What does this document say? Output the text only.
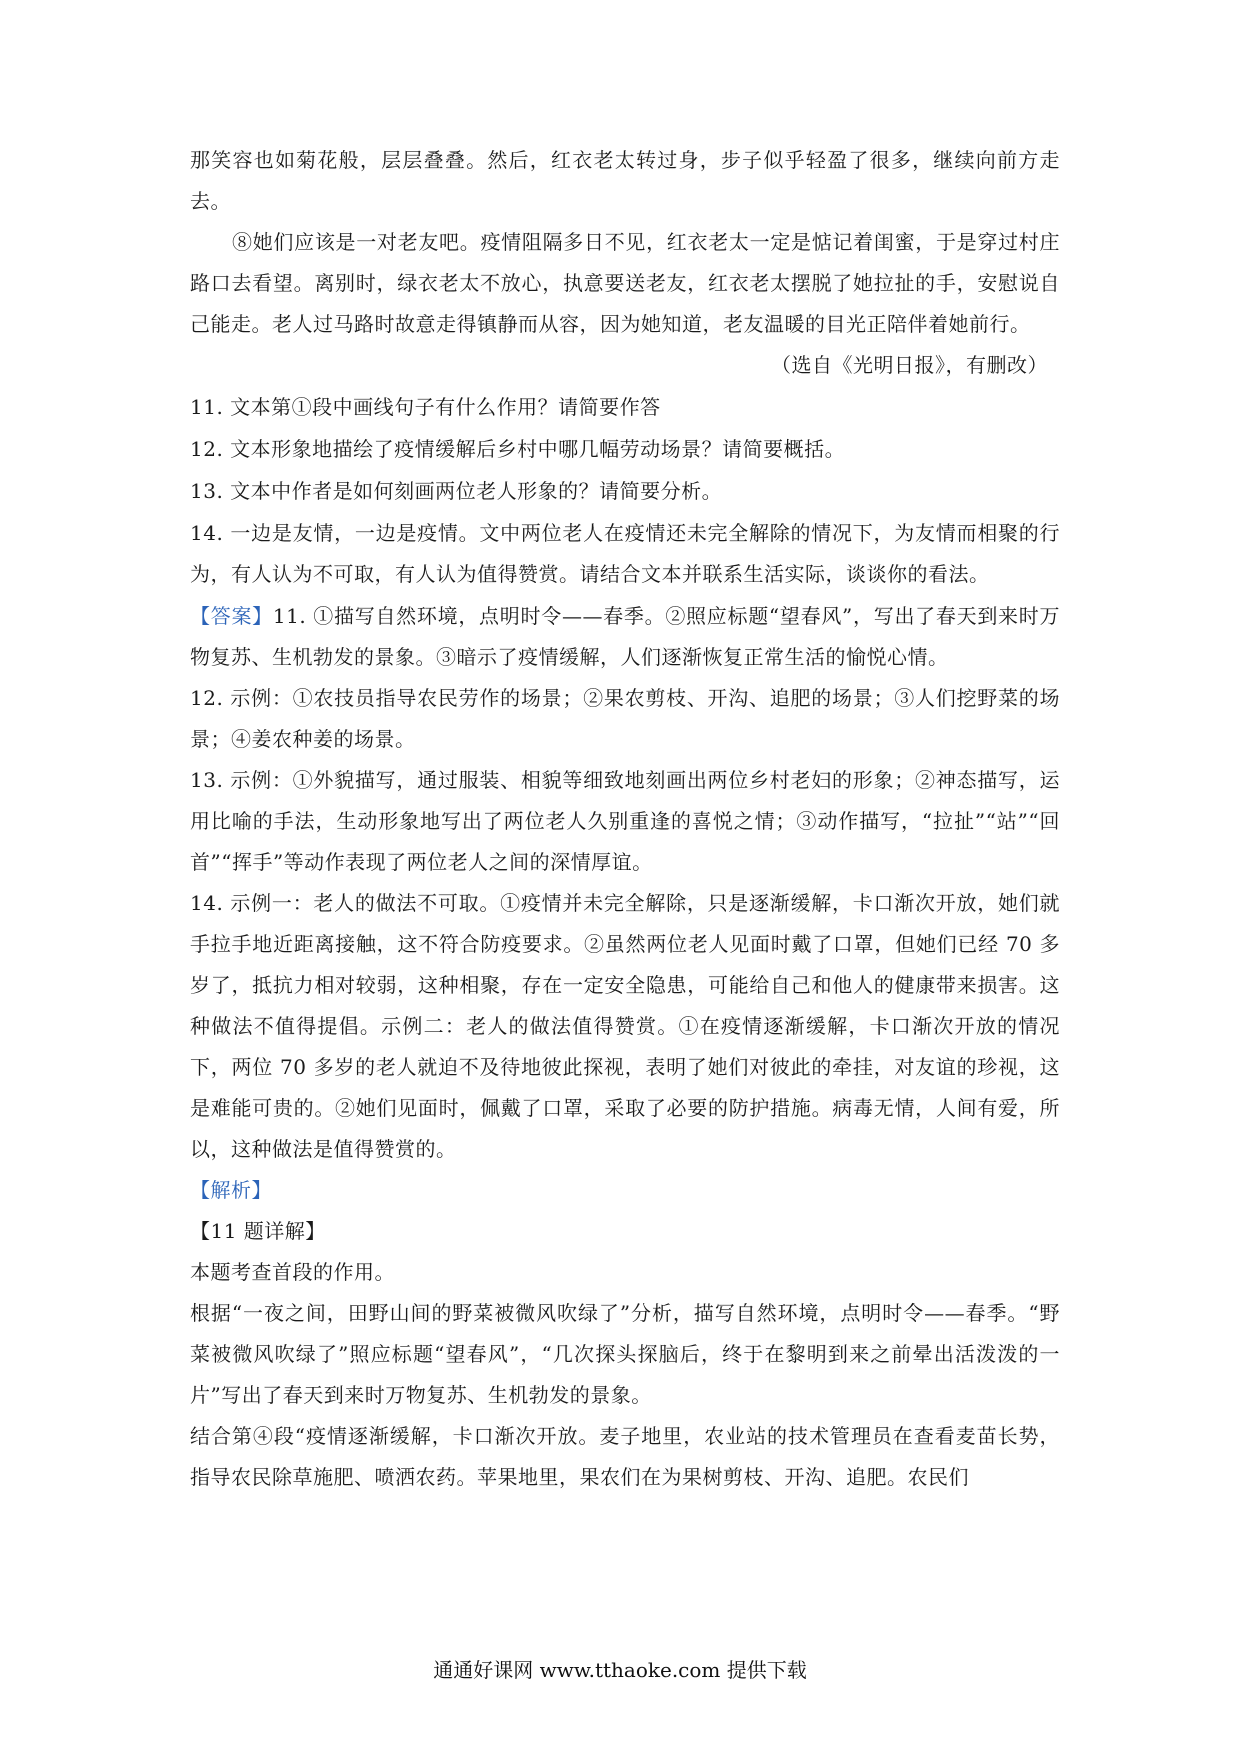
那笑容也如菊花般，层层叠叠。然后，红衣老太转过身，步子似乎轻盈了很多，继续向前方走去。

⑧她们应该是一对老友吧。疫情阻隔多日不见，红衣老太一定是惦记着闺蜜，于是穿过村庄路口去看望。离别时，绿衣老太不放心，执意要送老友，红衣老太摆脱了她拉扯的手，安慰说自己能走。老人过马路时故意走得镇静而从容，因为她知道，老友温暖的目光正陪伴着她前行。

（选自《光明日报》，有删改）

11. 文本第①段中画线句子有什么作用？请简要作答

12. 文本形象地描绘了疫情缓解后乡村中哪几幅劳动场景？请简要概括。

13. 文本中作者是如何刻画两位老人形象的？请简要分析。

14. 一边是友情，一边是疫情。文中两位老人在疫情还未完全解除的情况下，为友情而相聚的行为，有人认为不可取，有人认为值得赞赏。请结合文本并联系生活实际，谈谈你的看法。

【答案】11. ①描写自然环境，点明时令——春季。②照应标题“望春风”，写出了春天到来时万物复苏、生机勃发的景象。③暗示了疫情缓解，人们逐渐恢复正常生活的愉悦心情。

12. 示例：①农技员指导农民劳作的场景；②果农剪枝、开沟、追肥的场景；③人们挖野菜的场景；④姜农种姜的场景。

13. 示例：①外貌描写，通过服装、相貌等细致地刻画出两位乡村老妇的形象；②神态描写，运用比喻的手法，生动形象地写出了两位老人久别重逢的喜悦之情；③动作描写，“拉扯”“站”“回首”“挥手”等动作表现了两位老人之间的深情厚谊。

14. 示例一：老人的做法不可取。①疫情并未完全解除，只是逐渐缓解，卡口渐次开放，她们就手拉手地近距离接触，这不符合防疫要求。②虽然两位老人见面时戴了口罩，但她们已经 70 多岁了，抵抗力相对较弱，这种相聚，存在一定安全隐患，可能给自己和他人的健康带来损害。这种做法不值得提倡。示例二：老人的做法值得赞赏。①在疫情逐渐缓解，卡口渐次开放的情况下，两位 70 多岁的老人就迫不及待地彼此探视，表明了她们对彼此的牵挂，对友谊的珍视，这是难能可贵的。②她们见面时，佩戴了口罩，采取了必要的防护措施。病毒无情，人间有爱，所以，这种做法是值得赞赏的。

【解析】

【11 题详解】

本题考查首段的作用。

根据“一夜之间，田野山间的野菜被微风吹绿了”分析，描写自然环境，点明时令——春季。“野菜被微风吹绿了”照应标题“望春风”，“几次探头探脑后，终于在黎明到来之前晕出活泼泼的一片”写出了春天到来时万物复苏、生机勃发的景象。

结合第④段“疫情逐渐缓解，卡口渐次开放。麦子地里，农业站的技术管理员在查看麦苗长势，指导农民除草施肥、喷洒农药。苹果地里，果农们在为果树剪枝、开沟、追肥。农民们

通通好课网 www.tthaoke.com 提供下载
